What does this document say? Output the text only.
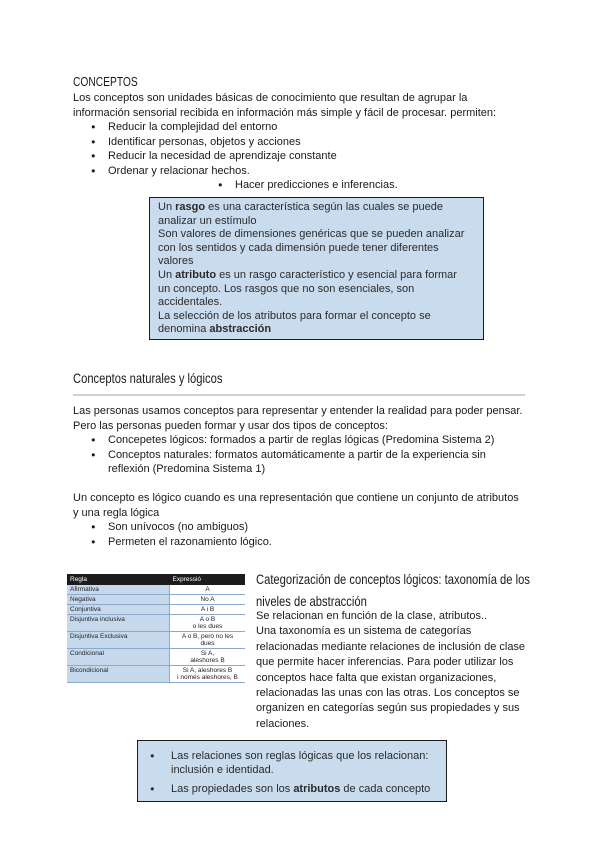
CONCEPTOS
Los conceptos son unidades básicas de conocimiento que resultan de agrupar la
información sensorial recibida en información más simple y fácil de procesar. permiten:
● Reducir la complejidad del entorno
● Identificar personas, objetos y acciones
● Reducir la necesidad de aprendizaje constante
● Ordenar y relacionar hechos.
● Hacer predicciones e inferencias.

Un rasgo es una característica según las cuales se puede

analizar un estímulo

Son valores de dimensiones genéricas que se pueden analizar

con los sentidos y cada dimensión puede tener diferentes

valores

Un atributo es un rasgo característico y esencial para formar

un concepto. Los rasgos que no son esenciales, son

accidentales.

La selección de los atributos para formar el concepto se

denomina abstracción

Conceptos naturales y lógicos
Las personas usamos conceptos para representar y entender la realidad para poder pensar.
Pero las personas pueden formar y usar dos tipos de conceptos:
● Concepetes lógicos: formados a partir de reglas lógicas (Predomina Sistema 2)
● Conceptos naturales: formatos automáticamente a partir de la experiencia sin
reflexión (Predomina Sistema 1)
Un concepto es lógico cuando es una representación que contiene un conjunto de atributos
y una regla lógica
● Son unívocos (no ambiguos)
● Permeten el razonamiento lógico.
Regla	Expressió
Afirmativa	A
Negativa	No A
Conjuntiva	A i B
Disjuntiva inclusiva	A o B
o les dues

Disjuntiva Exclusiva	A o B, però no les
dues

Condicional	Si A,
aleshores B

Bicondicional	Si A, aleshores B
i només aleshores, B
Categorización de conceptos lógicos: taxonomía de los
niveles de abstracción
Se relacionan en función de la clase, atributos..
Una taxonomía es un sistema de categorías
relacionadas mediante relaciones de inclusión de clase
que permite hacer inferencias. Para poder utilizar los
conceptos hace falta que existan organizaciones,
relacionadas las unas con las otras. Los conceptos se
organizen en categorías según sus propiedades y sus
relaciones.
● Las relaciones son reglas lógicas que los relacionan:
inclusión e identidad.
● Las propiedades son los atributos de cada concepto
